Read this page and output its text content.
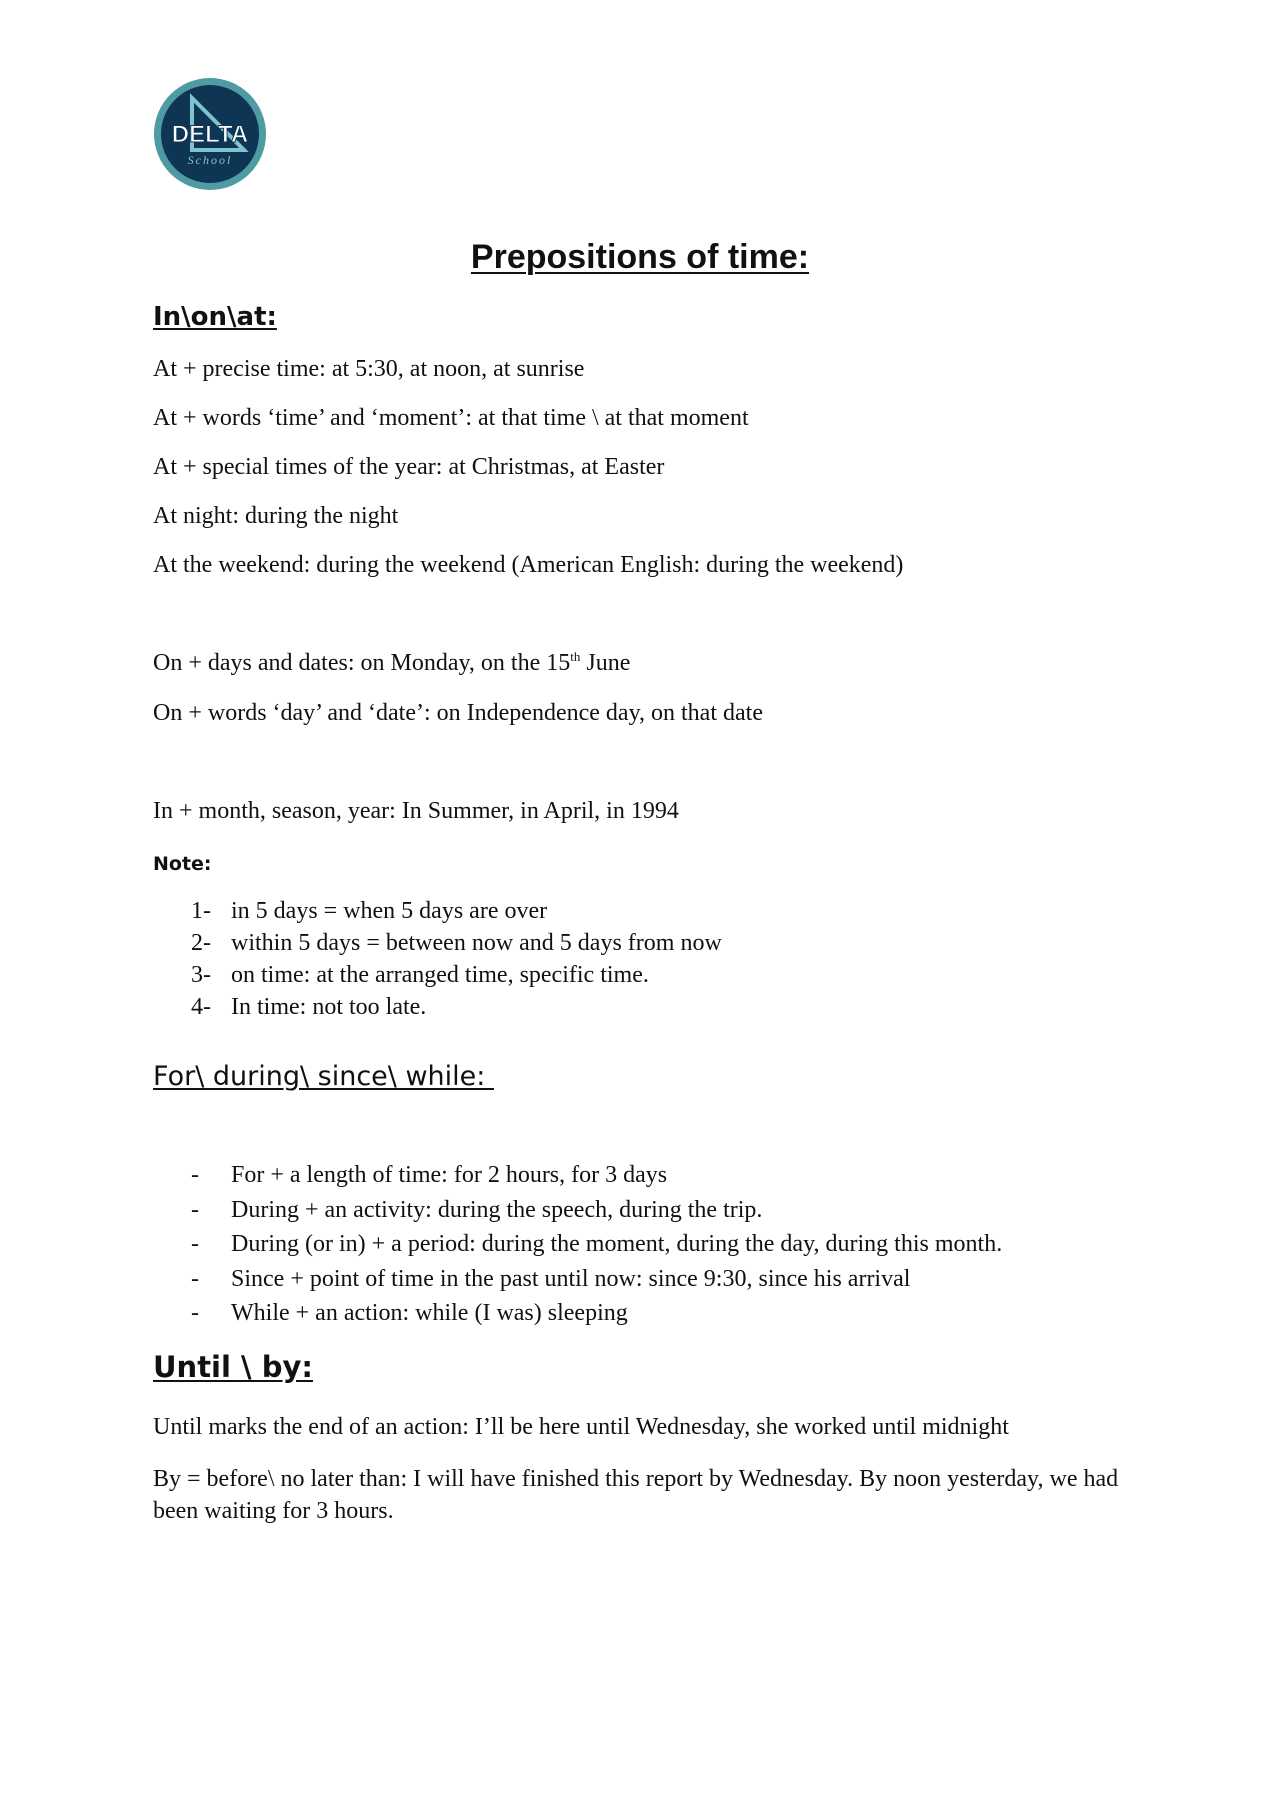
DELTA
School
Prepositions of time:
In\on\at:
At + precise time: at 5:30, at noon, at sunrise
At + words ‘time’ and ‘moment’: at that time \ at that moment
At + special times of the year: at Christmas, at Easter
At night: during the night
At the weekend: during the weekend (American English: during the weekend)
On + days and dates: on Monday, on the 15th June
On + words ‘day’ and ‘date’: on Independence day, on that date
In + month, season, year: In Summer, in April, in 1994
Note:
1- in 5 days = when 5 days are over
2- within 5 days = between now and 5 days from now
3- on time: at the arranged time, specific time.
4- In time: not too late.
For\ during\ since\ while:
- For + a length of time: for 2 hours, for 3 days
- During + an activity: during the speech, during the trip.
- During (or in) + a period: during the moment, during the day, during this month.
- Since + point of time in the past until now: since 9:30, since his arrival
- While + an action: while (I was) sleeping
Until \ by:
Until marks the end of an action: I’ll be here until Wednesday, she worked until midnight
By = before\ no later than: I will have finished this report by Wednesday. By noon yesterday, we had been waiting for 3 hours.
